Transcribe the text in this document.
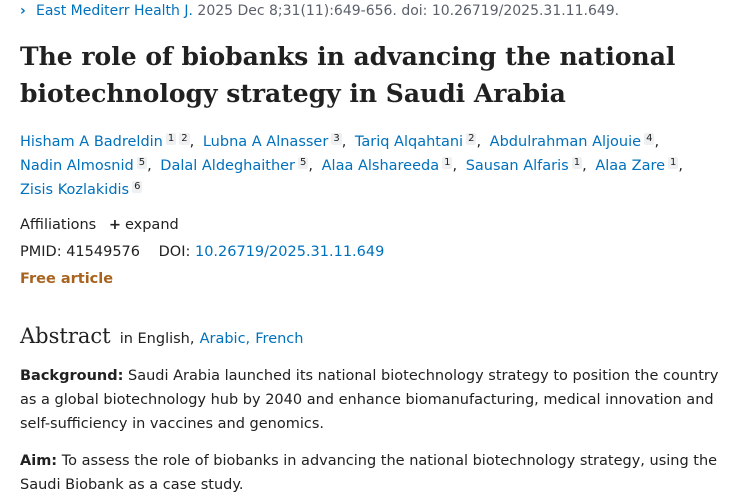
› East Mediterr Health J. 2025 Dec 8;31(11):649-656. doi: 10.26719/2025.31.11.649.
The role of biobanks in advancing the national biotechnology strategy in Saudi Arabia
Hisham A Badreldin 1 2 , Lubna A Alnasser 3 , Tariq Alqahtani 2 , Abdulrahman Aljouie 4 ,
Nadin Almosnid 5 , Dalal Aldeghaither 5 , Alaa Alshareeda 1 , Sausan Alfaris 1 , Alaa Zare 1 ,
Zisis Kozlakidis 6
Affiliations + expand
PMID: 41549576 DOI: 10.26719/2025.31.11.649
Free article
Abstract in English, Arabic, French

Background: Saudi Arabia launched its national biotechnology strategy to position the country as a global biotechnology hub by 2040 and enhance biomanufacturing, medical innovation and self-sufficiency in vaccines and genomics.

Aim: To assess the role of biobanks in advancing the national biotechnology strategy, using the Saudi Biobank as a case study.
